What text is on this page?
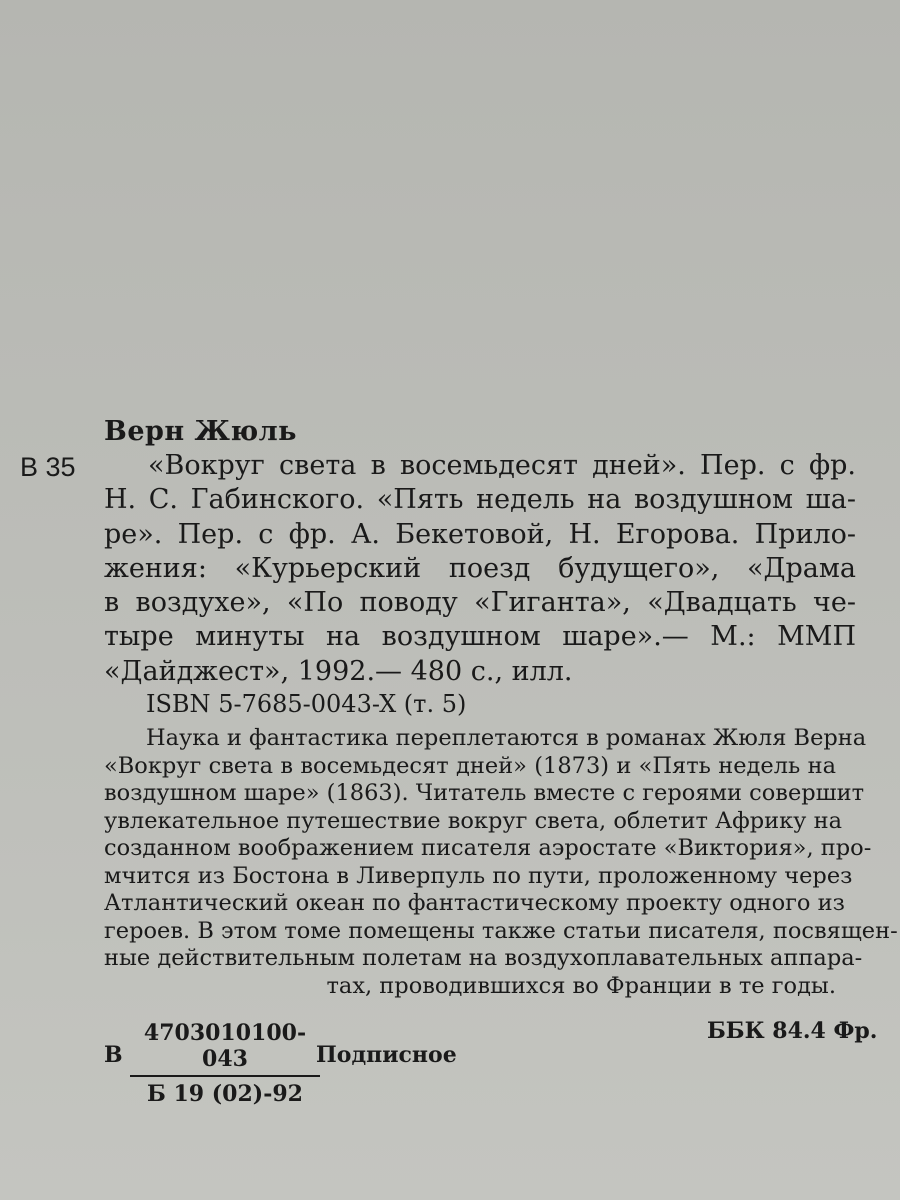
Верн Жюль
В 35	«Вокруг света в восемьдесят дней». Пер. с фр.
Н. С. Габинского. «Пять недель на воздушном ша-
ре». Пер. с фр. А. Бекетовой, Н. Егорова. Прило-
жения: «Курьерский поезд будущего», «Драма
в воздухе», «По поводу «Гиганта», «Двадцать че-
тыре минуты на воздушном шаре».— М.: ММП
«Дайджест», 1992.— 480 с., илл.
ISBN 5-7685-0043-X (т. 5)
Наука и фантастика переплетаются в романах Жюля Верна
«Вокруг света в восемьдесят дней» (1873) и «Пять недель на
воздушном шаре» (1863). Читатель вместе с героями совершит
увлекательное путешествие вокруг света, облетит Африку на
созданном воображением писателя аэростате «Виктория», про-
мчится из Бостона в Ливерпуль по пути, проложенному через
Атлантический океан по фантастическому проекту одного из
героев. В этом томе помещены также статьи писателя, посвящен-
ные действительным полетам на воздухоплавательных аппара-
тах, проводившихся во Франции в те годы.
В
4703010100-043
Б 19 (02)-92
Подписное
ББК 84.4 Фр.
